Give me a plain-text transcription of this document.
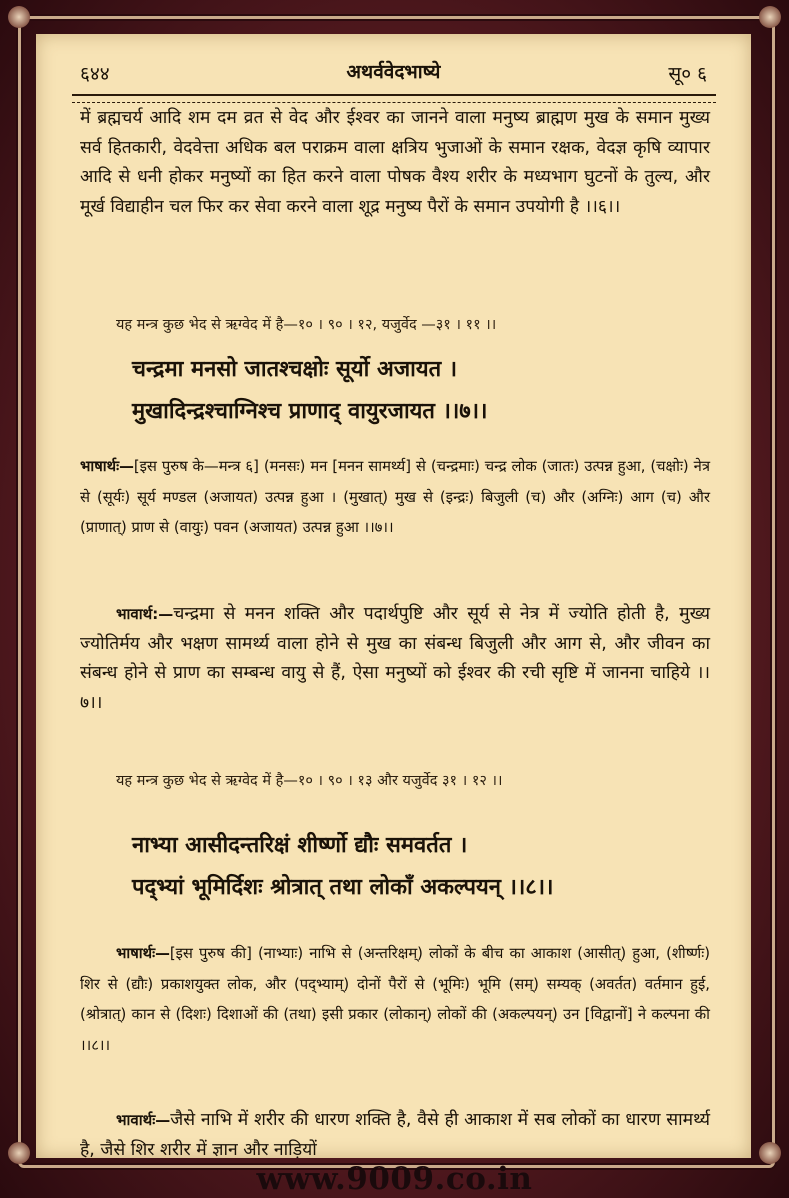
६४४	अथर्ववेदभाष्ये	सू० ६
में ब्रह्मचर्य आदि शम दम व्रत से वेद और ईश्वर का जानने वाला मनुष्य ब्राह्मण मुख के समान मुख्य सर्व हितकारी, वेदवेत्ता अधिक बल पराक्रम वाला क्षत्रिय भुजाओं के समान रक्षक, वेदज्ञ कृषि व्यापार आदि से धनी होकर मनुष्यों का हित करने वाला पोषक वैश्य शरीर के मध्यभाग घुटनों के तुल्य, और मूर्ख विद्याहीन चल फिर कर सेवा करने वाला शूद्र मनुष्य पैरों के समान उपयोगी है ।।६।।
यह मन्त्र कुछ भेद से ऋग्वेद में है—१० । ९० । १२, यजुर्वेद —३१ । ११ ।।
चन्द्रमा मनसो जातश्चक्षोः सूर्यो अजायत ।
मुखादिन्द्रश्चाग्निश्च प्राणाद् वायुरजायत ।।७।।
भाषार्थः—[इस पुरुष के—मन्त्र ६] (मनसः) मन [मनन सामर्थ्य] से (चन्द्रमाः) चन्द्र लोक (जातः) उत्पन्न हुआ, (चक्षोः) नेत्र से (सूर्यः) सूर्य मण्डल (अजायत) उत्पन्न हुआ । (मुखात्) मुख से (इन्द्रः) बिजुली (च) और (अग्निः) आग (च) और (प्राणात्) प्राण से (वायुः) पवन (अजायत) उत्पन्न हुआ ।।७।।
भावार्थ:—चन्द्रमा से मनन शक्ति और पदार्थपुष्टि और सूर्य से नेत्र में ज्योति होती है, मुख्य ज्योतिर्मय और भक्षण सामर्थ्य वाला होने से मुख का संबन्ध बिजुली और आग से, और जीवन का संबन्ध होने से प्राण का सम्बन्ध वायु से हैं, ऐसा मनुष्यों को ईश्वर की रची सृष्टि में जानना चाहिये ।।७।।
यह मन्त्र कुछ भेद से ऋग्वेद में है—१० । ९० । १३ और यजुर्वेद ३१ । १२ ।।
नाभ्या आसीदन्तरिक्षं शीर्ष्णो द्यौः समवर्तत ।
पद्भ्यां भूमिर्दिशः श्रोत्रात् तथा लोकाँ अकल्पयन् ।।८।।
भाषार्थः—[इस पुरुष की] (नाभ्याः) नाभि से (अन्तरिक्षम्) लोकों के बीच का आकाश (आसीत्) हुआ, (शीर्ष्णः) शिर से (द्यौः) प्रकाशयुक्त लोक, और (पद्भ्याम्) दोनों पैरों से (भूमिः) भूमि (सम्) सम्यक् (अवर्तत) वर्तमान हुई, (श्रोत्रात्) कान से (दिशः) दिशाओं की (तथा) इसी प्रकार (लोकान्) लोकों की (अकल्पयन्) उन [विद्वानों] ने कल्पना की ।।८।।
भावार्थः—जैसे नाभि में शरीर की धारण शक्ति है, वैसे ही आकाश में सब लोकों का धारण सामर्थ्य है, जैसे शिर शरीर में ज्ञान और नाड़ियों
www.9009.co.in
